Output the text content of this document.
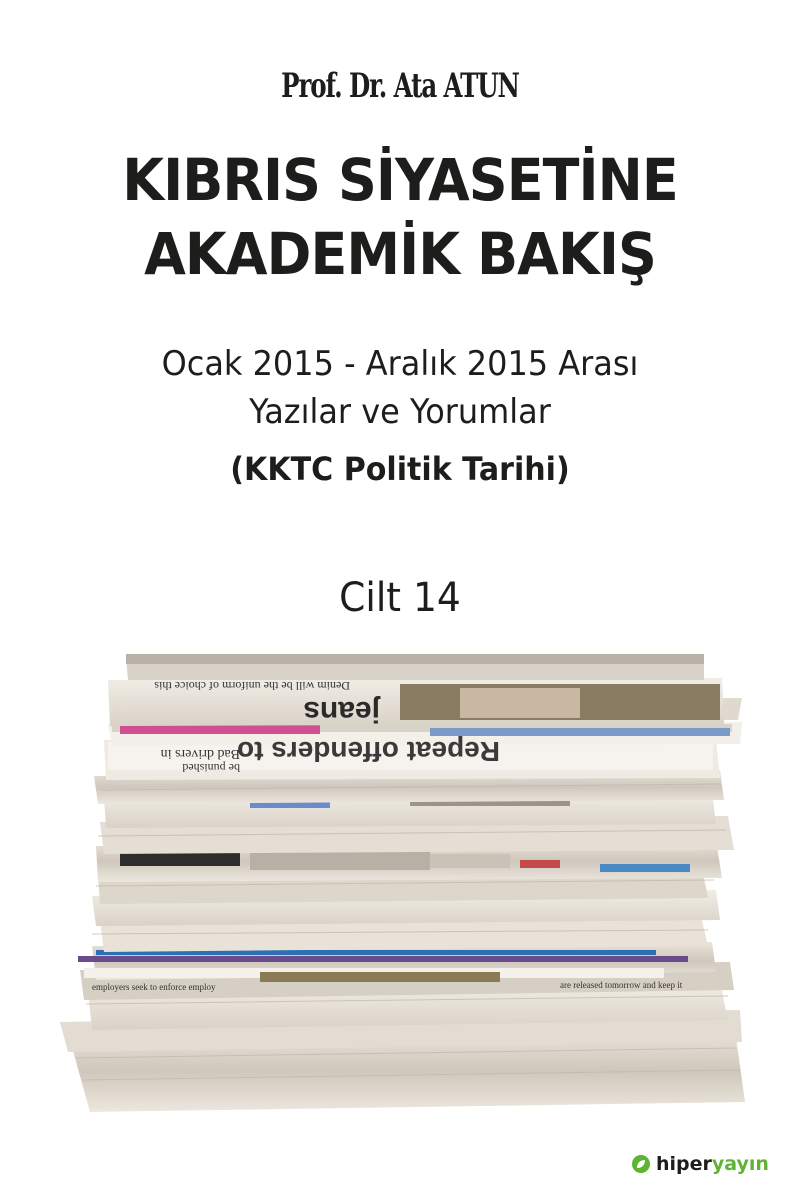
Prof. Dr. Ata ATUN
KIBRIS SİYASETİNE
AKADEMİK BAKIŞ
Ocak 2015 - Aralık 2015 Arası
Yazılar ve Yorumlar
(KKTC Politik Tarihi)
Cilt 14
Denim will be the uniform of choice this
jeans
Repeat offenders to
be punished
Bad drivers in
employers seek to enforce employ	are released tomorrow and keep it
hiperyayın
